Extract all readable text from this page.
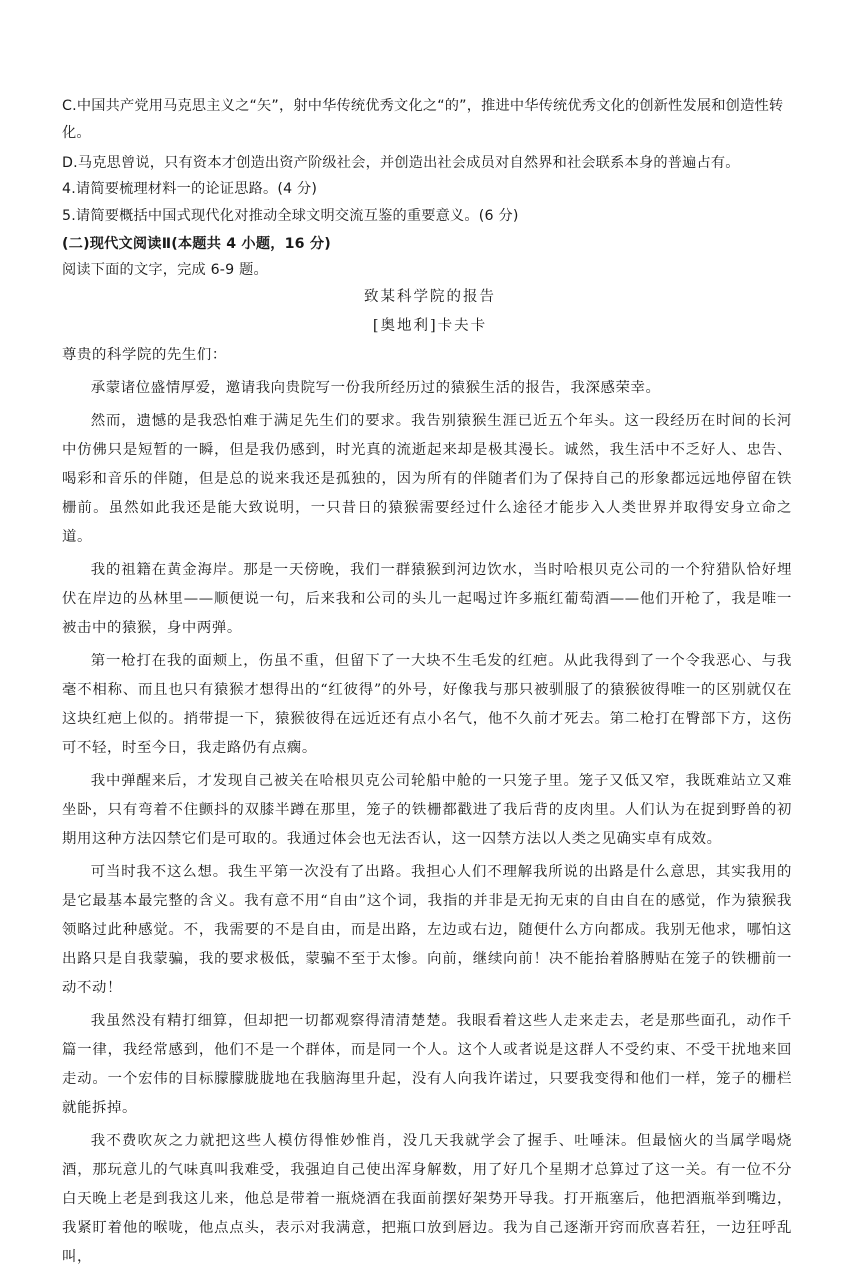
C.中国共产党用马克思主义之“矢”，射中华传统优秀文化之“的”，推进中华传统优秀文化的创新性发展和创造性转化。
D.马克思曾说，只有资本才创造出资产阶级社会，并创造出社会成员对自然界和社会联系本身的普遍占有。
4.请简要梳理材料一的论证思路。(4 分)
5.请简要概括中国式现代化对推动全球文明交流互鉴的重要意义。(6 分)
(二)现代文阅读Ⅱ(本题共 4 小题，16 分)
阅读下面的文字，完成 6-9 题。
致某科学院的报告
[奥地利]卡夫卡

尊贵的科学院的先生们：

承蒙诸位盛情厚爱，邀请我向贵院写一份我所经历过的猿猴生活的报告，我深感荣幸。

然而，遗憾的是我恐怕难于满足先生们的要求。我告别猿猴生涯已近五个年头。这一段经历在时间的长河中仿佛只是短暂的一瞬，但是我仍感到，时光真的流逝起来却是极其漫长。诚然，我生活中不乏好人、忠告、喝彩和音乐的伴随，但是总的说来我还是孤独的，因为所有的伴随者们为了保持自己的形象都远远地停留在铁栅前。虽然如此我还是能大致说明，一只昔日的猿猴需要经过什么途径才能步入人类世界并取得安身立命之道。

我的祖籍在黄金海岸。那是一天傍晚，我们一群猿猴到河边饮水，当时哈根贝克公司的一个狩猎队恰好埋伏在岸边的丛林里——顺便说一句，后来我和公司的头儿一起喝过许多瓶红葡萄酒——他们开枪了，我是唯一被击中的猿猴，身中两弹。

第一枪打在我的面颊上，伤虽不重，但留下了一大块不生毛发的红疤。从此我得到了一个令我恶心、与我毫不相称、而且也只有猿猴才想得出的“红彼得”的外号，好像我与那只被驯服了的猿猴彼得唯一的区别就仅在这块红疤上似的。捎带提一下，猿猴彼得在远近还有点小名气，他不久前才死去。第二枪打在臀部下方，这伤可不轻，时至今日，我走路仍有点瘸。

我中弹醒来后，才发现自己被关在哈根贝克公司轮船中舱的一只笼子里。笼子又低又窄，我既难站立又难坐卧，只有弯着不住颤抖的双膝半蹲在那里，笼子的铁栅都戳进了我后背的皮肉里。人们认为在捉到野兽的初期用这种方法囚禁它们是可取的。我通过体会也无法否认，这一囚禁方法以人类之见确实卓有成效。

可当时我不这么想。我生平第一次没有了出路。我担心人们不理解我所说的出路是什么意思，其实我用的是它最基本最完整的含义。我有意不用“自由”这个词，我指的并非是无拘无束的自由自在的感觉，作为猿猴我领略过此种感觉。不，我需要的不是自由，而是出路，左边或右边，随便什么方向都成。我别无他求，哪怕这出路只是自我蒙骗，我的要求极低，蒙骗不至于太惨。向前，继续向前！决不能抬着胳膊贴在笼子的铁栅前一动不动！

我虽然没有精打细算，但却把一切都观察得清清楚楚。我眼看着这些人走来走去，老是那些面孔，动作千篇一律，我经常感到，他们不是一个群体，而是同一个人。这个人或者说是这群人不受约束、不受干扰地来回走动。一个宏伟的目标朦朦胧胧地在我脑海里升起，没有人向我许诺过，只要我变得和他们一样，笼子的栅栏就能拆掉。

我不费吹灰之力就把这些人模仿得惟妙惟肖，没几天我就学会了握手、吐唾沫。但最恼火的当属学喝烧酒，那玩意儿的气味真叫我难受，我强迫自己使出浑身解数，用了好几个星期才总算过了这一关。有一位不分白天晚上老是到我这儿来，他总是带着一瓶烧酒在我面前摆好架势开导我。打开瓶塞后，他把酒瓶举到嘴边，我紧盯着他的喉咙，他点点头，表示对我满意，把瓶口放到唇边。我为自己逐渐开窍而欣喜若狂，一边狂呼乱叫，
